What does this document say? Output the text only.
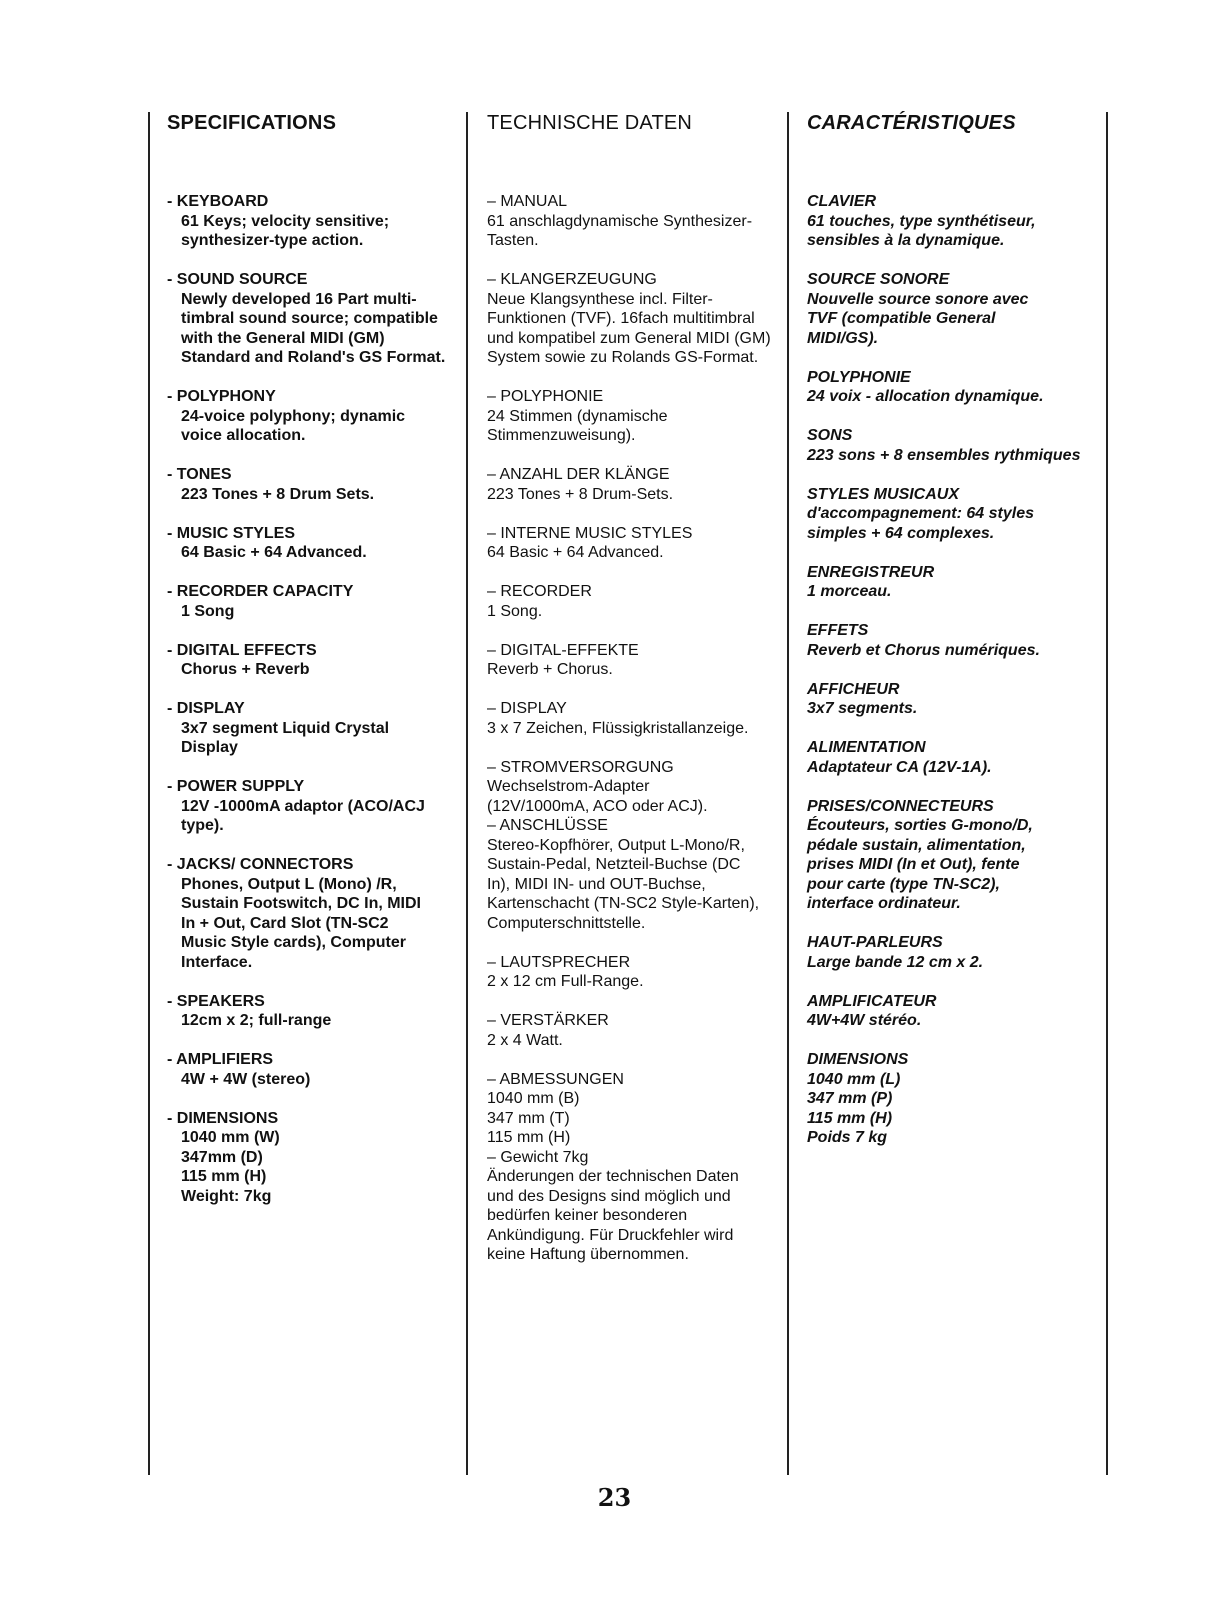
SPECIFICATIONS
- KEYBOARD
61 Keys; velocity sensitive;
synthesizer-type action.
- SOUND SOURCE
Newly developed 16 Part multi-
timbral sound source; compatible
with the General MIDI (GM)
Standard and Roland's GS Format.
- POLYPHONY
24-voice polyphony; dynamic
voice allocation.
- TONES
223 Tones + 8 Drum Sets.
- MUSIC STYLES
64 Basic + 64 Advanced.
- RECORDER CAPACITY
1 Song
- DIGITAL EFFECTS
Chorus + Reverb
- DISPLAY
3x7 segment Liquid Crystal
Display
- POWER SUPPLY
12V -1000mA adaptor (ACO/ACJ
type).
- JACKS/ CONNECTORS
Phones, Output L (Mono) /R,
Sustain Footswitch, DC In, MIDI
In + Out, Card Slot (TN-SC2
Music Style cards), Computer
Interface.
- SPEAKERS
12cm x 2; full-range
- AMPLIFIERS
4W + 4W (stereo)
- DIMENSIONS
1040 mm (W)
347mm (D)
115 mm (H)
Weight: 7kg
TECHNISCHE DATEN
– MANUAL
61 anschlagdynamische Synthesizer-
Tasten.
– KLANGERZEUGUNG
Neue Klangsynthese incl. Filter-
Funktionen (TVF). 16fach multitimbral
und kompatibel zum General MIDI (GM)
System sowie zu Rolands GS-Format.
– POLYPHONIE
24 Stimmen (dynamische
Stimmenzuweisung).
– ANZAHL DER KLÄNGE
223 Tones + 8 Drum-Sets.
– INTERNE MUSIC STYLES
64 Basic + 64 Advanced.
– RECORDER
1 Song.
– DIGITAL-EFFEKTE
Reverb + Chorus.
– DISPLAY
3 x 7 Zeichen, Flüssigkristallanzeige.
– STROMVERSORGUNG
Wechselstrom-Adapter
(12V/1000mA, ACO oder ACJ).
– ANSCHLÜSSE
Stereo-Kopfhörer, Output L-Mono/R,
Sustain-Pedal, Netzteil-Buchse (DC
In), MIDI IN- und OUT-Buchse,
Kartenschacht (TN-SC2 Style-Karten),
Computerschnittstelle.
– LAUTSPRECHER
2 x 12 cm Full-Range.
– VERSTÄRKER
2 x 4 Watt.
– ABMESSUNGEN
1040 mm (B)
347 mm (T)
115 mm (H)
– Gewicht 7kg
Änderungen der technischen Daten
und des Designs sind möglich und
bedürfen keiner besonderen
Ankündigung. Für Druckfehler wird
keine Haftung übernommen.
CARACTÉRISTIQUES
CLAVIER
61 touches, type synthétiseur,
sensibles à la dynamique.
SOURCE SONORE
Nouvelle source sonore avec
TVF (compatible General
MIDI/GS).
POLYPHONIE
24 voix - allocation dynamique.
SONS
223 sons + 8 ensembles rythmiques
STYLES MUSICAUX
d'accompagnement: 64 styles
simples + 64 complexes.
ENREGISTREUR
1 morceau.
EFFETS
Reverb et Chorus numériques.
AFFICHEUR
3x7 segments.
ALIMENTATION
Adaptateur CA (12V-1A).
PRISES/CONNECTEURS
Écouteurs, sorties G-mono/D,
pédale sustain, alimentation,
prises MIDI (In et Out), fente
pour carte (type TN-SC2),
interface ordinateur.
HAUT-PARLEURS
Large bande 12 cm x 2.
AMPLIFICATEUR
4W+4W stéréo.
DIMENSIONS
1040 mm (L)
347 mm (P)
115 mm (H)
Poids 7 kg
23
